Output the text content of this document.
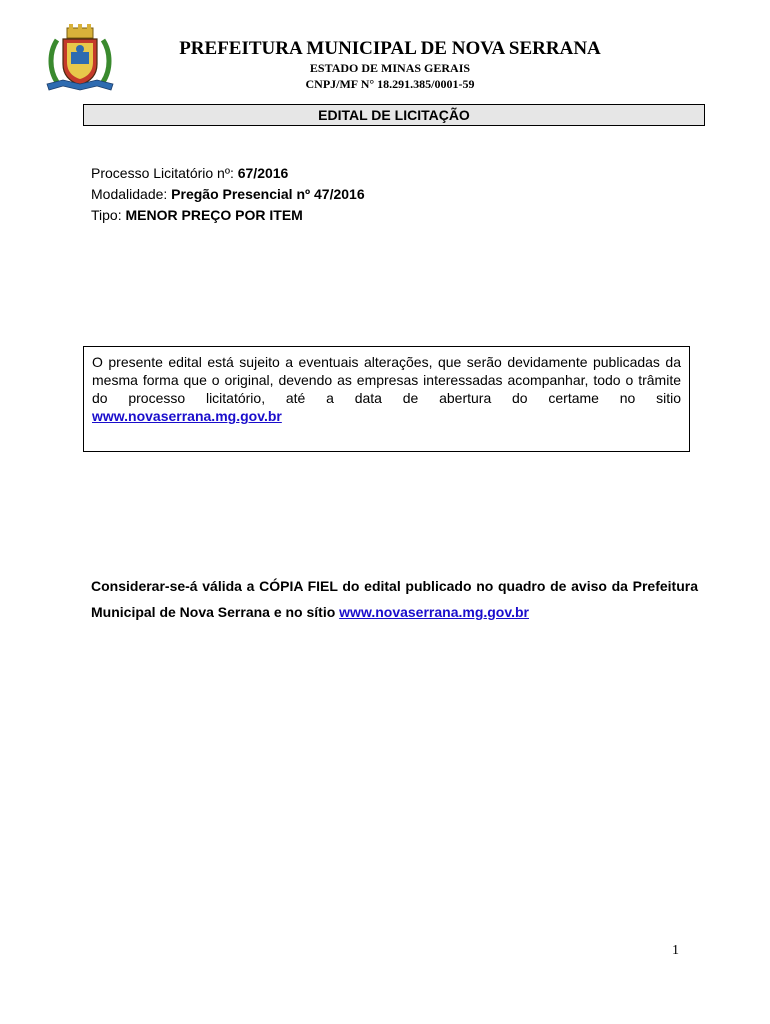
PREFEITURA MUNICIPAL DE NOVA SERRANA
ESTADO DE MINAS GERAIS
CNPJ/MF N° 18.291.385/0001-59
EDITAL DE LICITAÇÃO
Processo Licitatório nº: 67/2016
Modalidade: Pregão Presencial nº 47/2016
Tipo: MENOR PREÇO POR ITEM
O presente edital está sujeito a eventuais alterações, que serão devidamente publicadas da mesma forma que o original, devendo as empresas interessadas acompanhar, todo o trâmite do processo licitatório, até a data de abertura do certame no sitio www.novaserrana.mg.gov.br
Considerar-se-á válida a CÓPIA FIEL do edital publicado no quadro de aviso da Prefeitura Municipal de Nova Serrana e no sítio www.novaserrana.mg.gov.br
1
